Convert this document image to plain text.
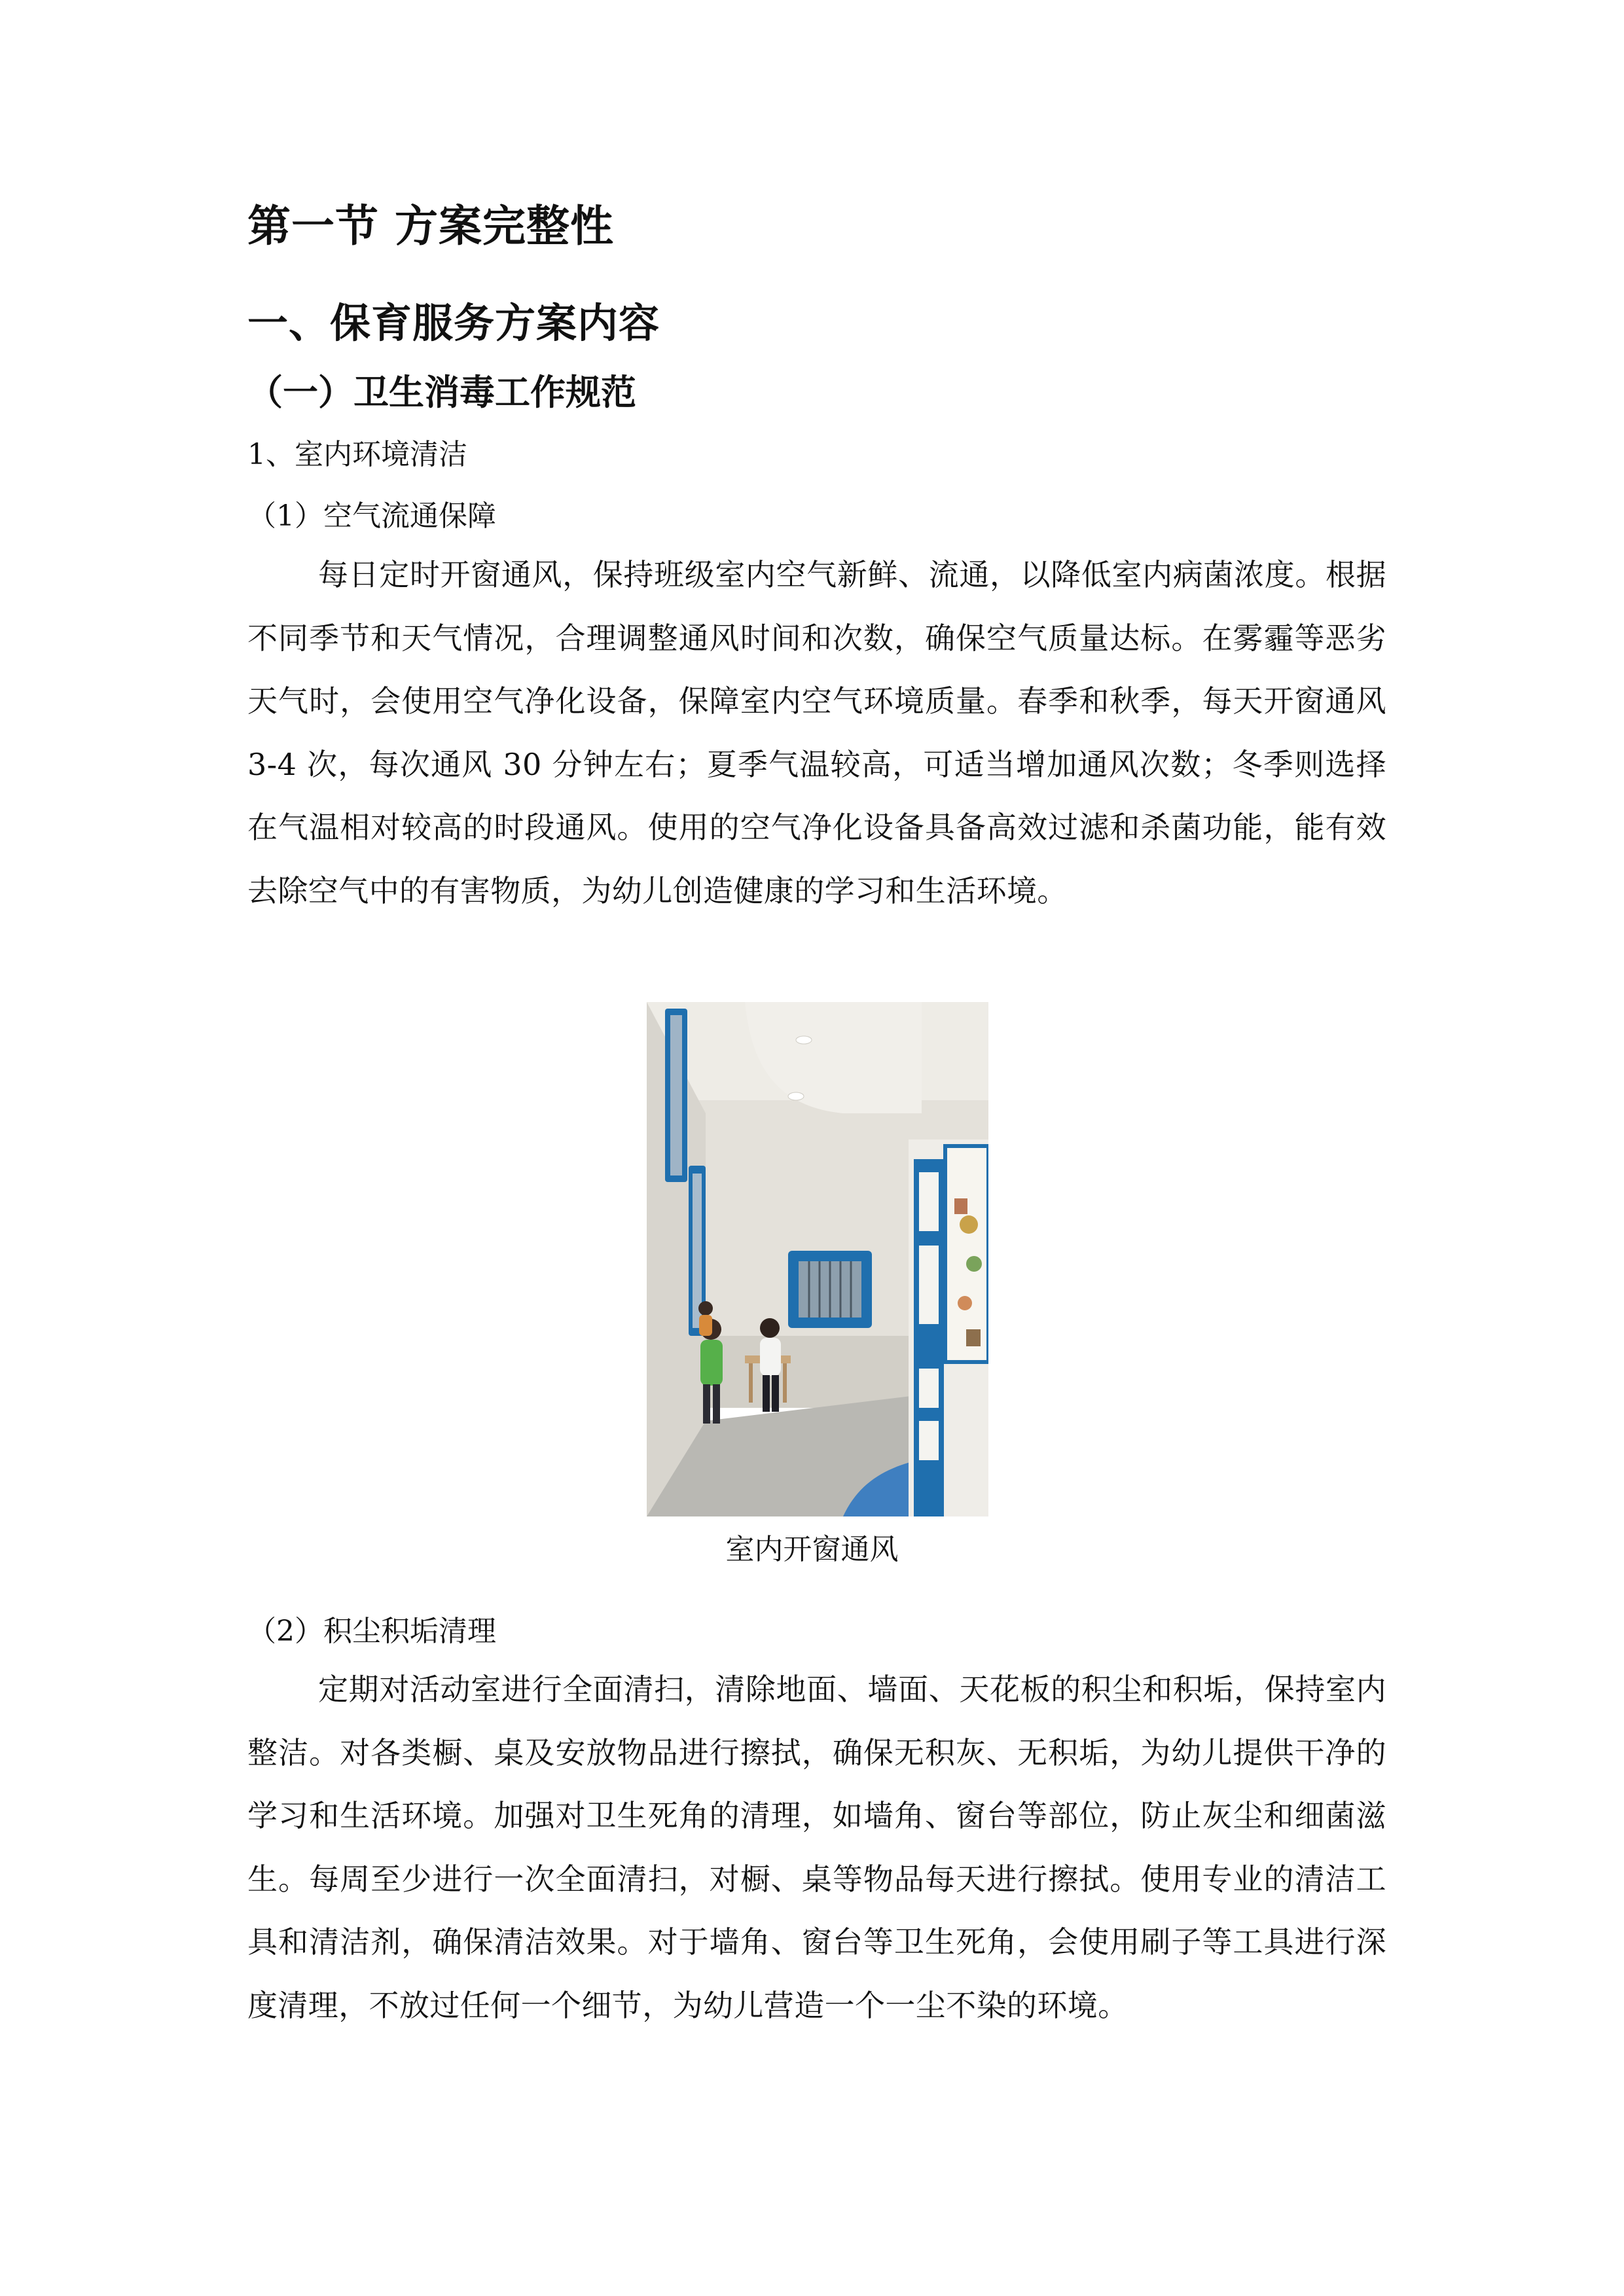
第一节 方案完整性
一、保育服务方案内容
（一）卫生消毒工作规范
1、室内环境清洁
（1）空气流通保障

每日定时开窗通风，保持班级室内空气新鲜、流通，以降低室内病菌浓度。根据不同季节和天气情况，合理调整通风时间和次数，确保空气质量达标。在雾霾等恶劣天气时，会使用空气净化设备，保障室内空气环境质量。春季和秋季，每天开窗通风 3-4 次，每次通风 30 分钟左右；夏季气温较高，可适当增加通风次数；冬季则选择在气温相对较高的时段通风。使用的空气净化设备具备高效过滤和杀菌功能，能有效去除空气中的有害物质，为幼儿创造健康的学习和生活环境。

室内开窗通风
（2）积尘积垢清理

定期对活动室进行全面清扫，清除地面、墙面、天花板的积尘和积垢，保持室内整洁。对各类橱、桌及安放物品进行擦拭，确保无积灰、无积垢，为幼儿提供干净的学习和生活环境。加强对卫生死角的清理，如墙角、窗台等部位，防止灰尘和细菌滋生。每周至少进行一次全面清扫，对橱、桌等物品每天进行擦拭。使用专业的清洁工具和清洁剂，确保清洁效果。对于墙角、窗台等卫生死角，会使用刷子等工具进行深度清理，不放过任何一个细节，为幼儿营造一个一尘不染的环境。
